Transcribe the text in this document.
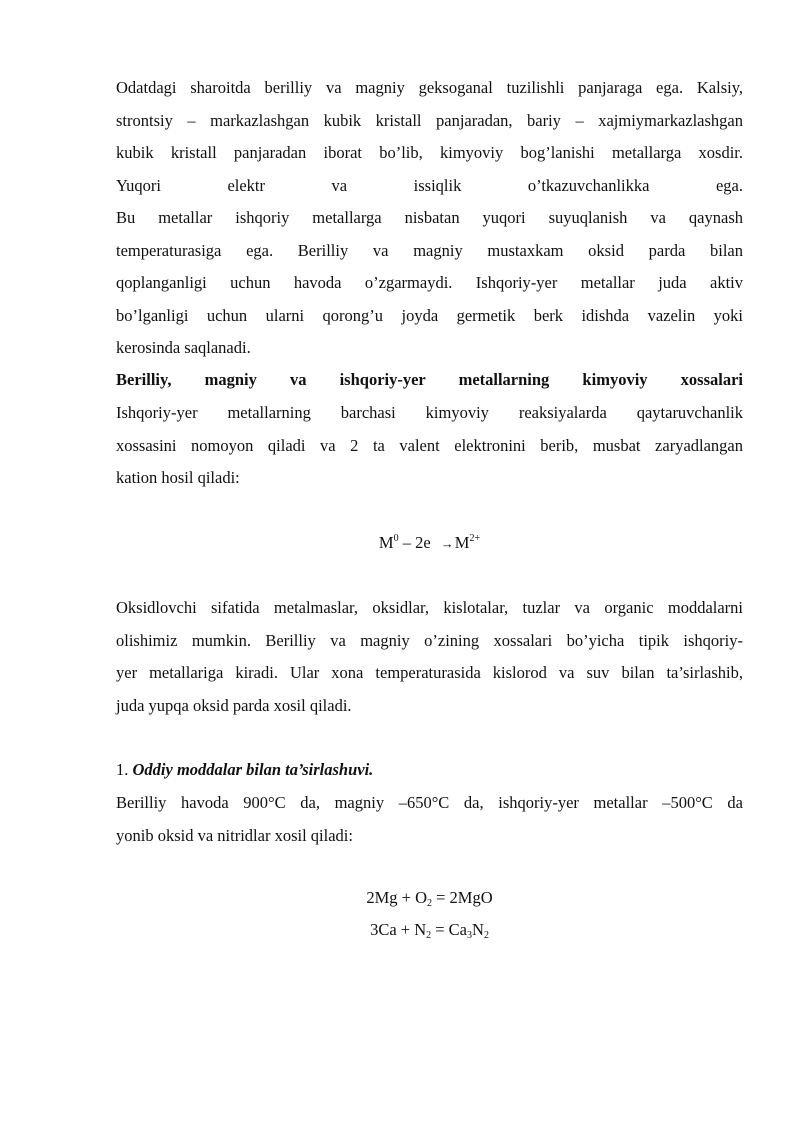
Odatdagi sharoitda berilliy va magniy geksoganal tuzilishli panjaraga ega. Kalsiy,
strontsiy – markazlashgan kubik kristall panjaradan, bariy – xajmiymarkazlashgan
kubik kristall panjaradan iborat bo’lib, kimyoviy bog’lanishi metallarga xosdir.
Yuqori elektr va issiqlik o’tkazuvchanlikka ega.

Bu metallar ishqoriy metallarga nisbatan yuqori suyuqlanish va qaynash
temperaturasiga ega. Berilliy va magniy mustaxkam oksid parda bilan
qoplanganligi uchun havoda o’zgarmaydi. Ishqoriy-yer metallar juda aktiv
bo’lganligi uchun ularni qorong’u joyda germetik berk idishda vazelin yoki
kerosinda saqlanadi.

Berilliy, magniy va ishqoriy-yer metallarning kimyoviy xossalari

Ishqoriy-yer metallarning barchasi kimyoviy reaksiyalarda qaytaruvchanlik
xossasini nomoyon qiladi va 2 ta valent elektronini berib, musbat zaryadlangan
kation hosil qiladi:

$M^0 - 2e \to M^{2+}$

Oksidlovchi sifatida metalmaslar, oksidlar, kislotalar, tuzlar va organic moddalarni
olishimiz mumkin. Berilliy va magniy o’zining xossalari bo’yicha tipik ishqoriy-
yer metallariga kiradi. Ular xona temperaturasida kislorod va suv bilan ta’sirlashib,
juda yupqa oksid parda xosil qiladi.

1. Oddiy moddalar bilan ta’sirlashuvi.

Berilliy havoda 900°C da, magniy –650°C da, ishqoriy-yer metallar –500°C da
yonib oksid va nitridlar xosil qiladi:

$2Mg + O_2 = 2MgO$
$3Ca + N_2 = Ca_3N_2$
